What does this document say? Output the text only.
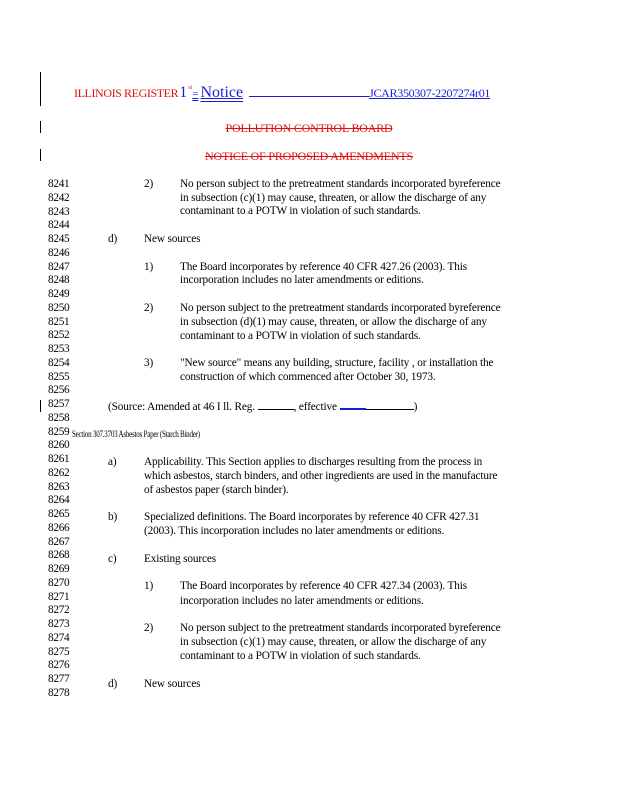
ILLINOIS REGISTER1st= Notice	JCAR350307-2207274r01
POLLUTION CONTROL BOARD
NOTICE OF PROPOSED AMENDMENTS
8241
8242
8243
8244
8245
8246
8247
8248
8249
8250
8251
8252
8253
8254
8255
8256
8257
8258
8259
8260
8261
8262
8263
8264
8265
8266
8267
8268
8269
8270
8271
8272
8273
8274
8275
8276
8277
8278
2) No person subject to the pretreatment standards incorporated byreference
in subsection (c)(1) may cause, threaten, or allow the discharge of any
contaminant to a POTW in violation of such standards.
d) New sources
1) The Board incorporates by reference 40 CFR 427.26 (2003). This
incorporation includes no later amendments or editions.
2) No person subject to the pretreatment standards incorporated byreference
in subsection (d)(1) may cause, threaten, or allow the discharge of any
contaminant to a POTW in violation of such standards.
3) "New source" means any building, structure, facility , or installation the
construction of which commenced after October 30, 1973.
(Source: Amended at 46 I ll. Reg.	, effective	)
Section 307.3703 Asbestos Paper (Starch Binder)
a) Applicability. This Section applies to discharges resulting from the process in
which asbestos, starch binders, and other ingredients are used in the manufacture
of asbestos paper (starch binder).
b) Specialized definitions. The Board incorporates by reference 40 CFR 427.31
(2003). This incorporation includes no later amendments or editions.
c) Existing sources
1) The Board incorporates by reference 40 CFR 427.34 (2003). This
incorporation includes no later amendments or editions.
2) No person subject to the pretreatment standards incorporated byreference
in subsection (c)(1) may cause, threaten, or allow the discharge of any
contaminant to a POTW in violation of such standards.
d) New sources
